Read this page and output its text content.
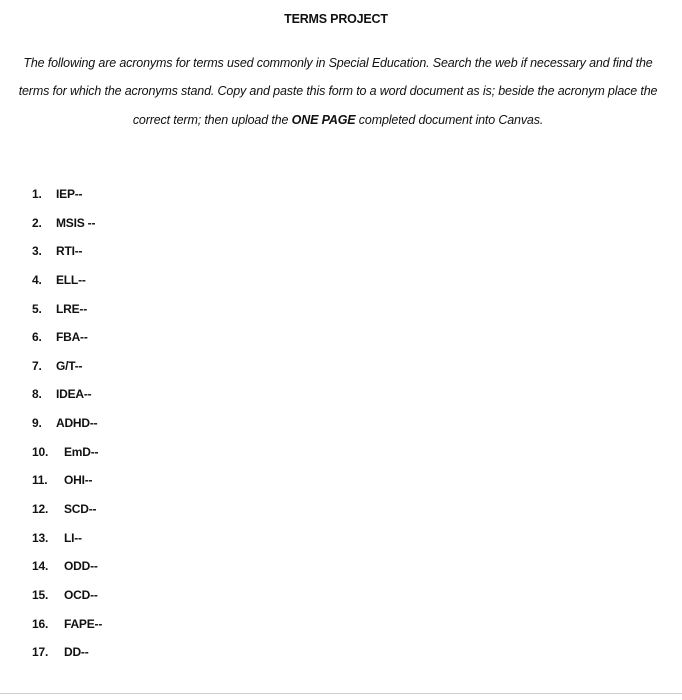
TERMS PROJECT

The following are acronyms for terms used commonly in Special Education. Search the web if necessary and find the terms for which the acronyms stand. Copy and paste this form to a word document as is; beside the acronym place the correct term; then upload the ONE PAGE completed document into Canvas.

1. IEP--
2. MSIS --
3. RTI--
4. ELL--
5. LRE--
6. FBA--
7. G/T--
8. IDEA--
9. ADHD--
10. EmD--
11. OHI--
12. SCD--
13. LI--
14. ODD--
15. OCD--
16. FAPE--
17. DD--
